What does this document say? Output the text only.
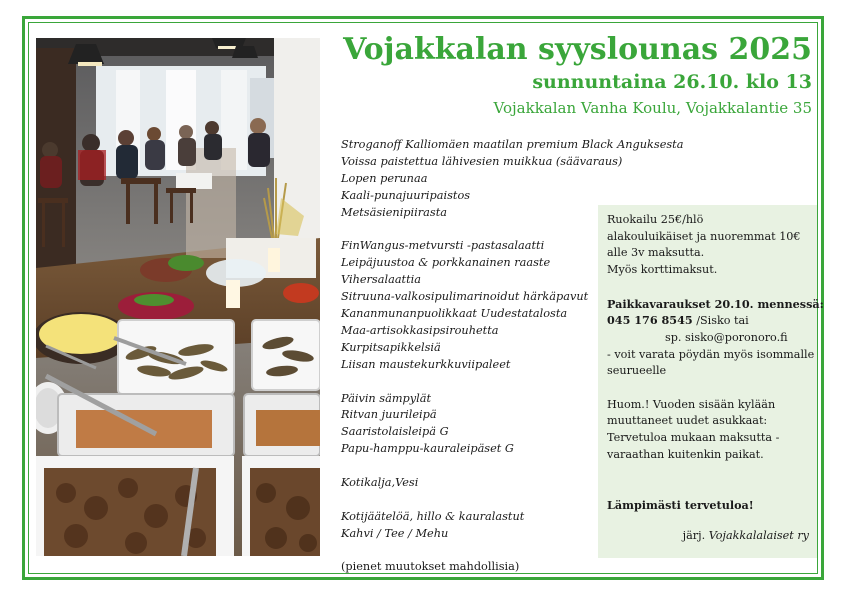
Vojakkalan syyslounas 2025
sunnuntaina 26.10. klo 13
Vojakkalan Vanha Koulu, Vojakkalantie 35
Stroganoff Kalliomäen maatilan premium Black Anguksesta
Voissa paistettua lähivesien muikkua (säävaraus)
Lopen perunaa
Kaali-punajuuripaistos
Metsäsienipiirasta
FinWangus-metvursti -pastasalaatti
Leipäjuustoa & porkkanainen raaste
Vihersalaattia
Sitruuna-valkosipulimarinoidut härkäpavut
Kananmunanpuolikkaat Uudestatalosta
Maa-artisokkasipsirouhetta
Kurpitsapikkelsiä
Liisan maustekurkkuviipaleet
Päivin sämpylät
Ritvan juurileipä
Saaristolaisleipä G
Papu-hamppu-kauraleipäset G
Kotikalja,Vesi
Kotijäätelöä, hillo & kauralastut
Kahvi / Tee / Mehu
(pienet muutokset mahdollisia)
Ruokailu 25€/hlö
alakouluikäiset ja nuoremmat 10€
alle 3v maksutta.
Myös korttimaksut.
Paikkavaraukset 20.10. mennessä:
045 176 8545 /Sisko tai
sp. sisko@poronoro.fi
- voit varata pöydän myös isommalle
seurueelle
Huom.! Vuoden sisään kylään
muuttaneet uudet asukkaat:
Tervetuloa mukaan maksutta -
varaathan kuitenkin paikat.
Lämpimästi tervetuloa!
järj. Vojakkalalaiset ry
